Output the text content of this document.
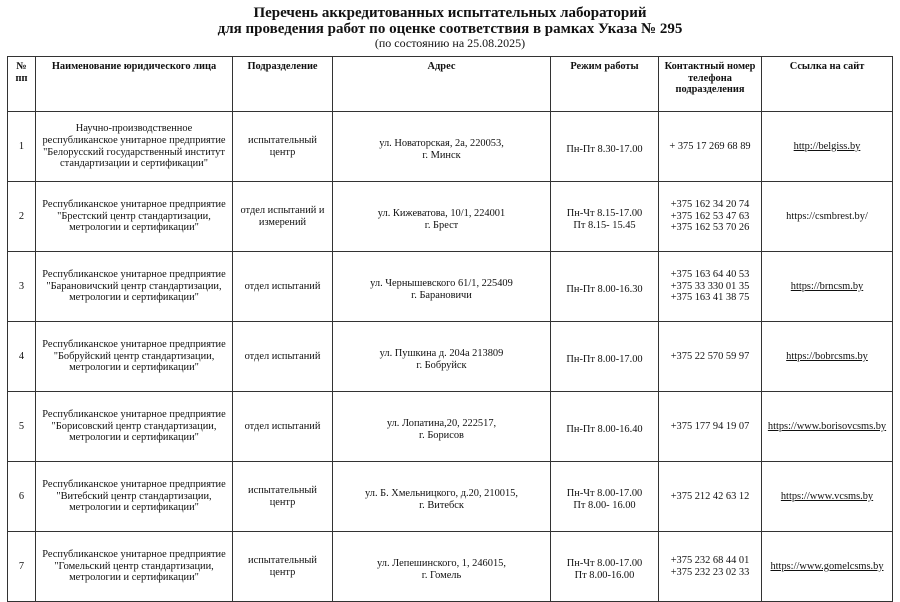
Перечень аккредитованных испытательных лабораторий
для проведения работ по оценке соответствия в рамках Указа № 295
(по состоянию на 25.08.2025)
№ пп	Наименование юридического лица	Подразделение	Адрес	Режим работы	Контактный номер телефона подразделения	Ссылка на сайт
1	Научно-производственное республиканское унитарное предприятие "Белорусский государственный институт стандартизации и сертификации"	испытательный центр	ул. Новаторская, 2а, 220053,
г. Минск	Пн-Пт 8.30-17.00	+ 375 17 269 68 89	http://belgiss.by
2	Республиканское унитарное предприятие "Брестский центр стандартизации, метрологии и сертификации"	отдел испытаний и измерений	ул. Кижеватова, 10/1, 224001
г. Брест	Пн-Чт 8.15-17.00
Пт 8.15- 15.45	+375 162 34 20 74
+375 162 53 47 63
+375 162 53 70 26	https://csmbrest.by/
3	Республиканское унитарное предприятие "Барановичский центр стандартизации, метрологии и сертификации"	отдел испытаний	ул. Чернышевского 61/1, 225409
г. Барановичи	Пн-Пт 8.00-16.30	+375 163 64 40 53
+375 33 330 01 35
+375 163 41 38 75	https://brncsm.by
4	Республиканское унитарное предприятие "Бобруйский центр стандартизации, метрологии и сертификации"	отдел испытаний	ул. Пушкина д. 204а 213809
г. Бобруйск	Пн-Пт 8.00-17.00	+375 22 570 59 97	https://bobrcsms.by
5	Республиканское унитарное предприятие "Борисовский центр стандартизации, метрологии и сертификации"	отдел испытаний	ул. Лопатина,20, 222517,
г. Борисов	Пн-Пт 8.00-16.40	+375 177 94 19 07	https://www.borisovcsms.by
6	Республиканское унитарное предприятие "Витебский центр стандартизации, метрологии и сертификации"	испытательный центр	ул. Б. Хмельницкого, д.20, 210015,
г. Витебск	Пн-Чт 8.00-17.00
Пт 8.00- 16.00	+375 212 42 63 12	https://www.vcsms.by
7	Республиканское унитарное предприятие "Гомельский центр стандартизации, метрологии и сертификации"	испытательный центр	ул. Лепешинского, 1, 246015,
г. Гомель	Пн-Чт 8.00-17.00
Пт 8.00-16.00	+375 232 68 44 01
+375 232 23 02 33	https://www.gomelcsms.by
